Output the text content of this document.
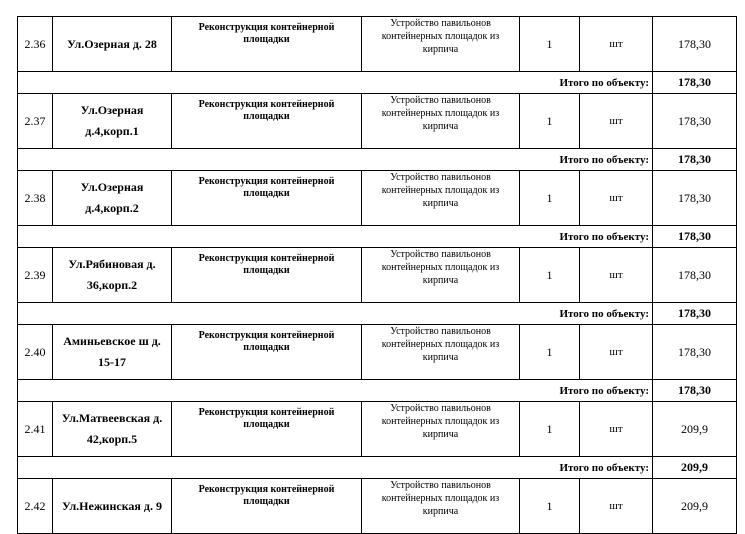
2.36	Ул.Озерная д. 28	Реконструкция контейнерной площадки	Устройство павильонов контейнерных площадок из кирпича	1	шт	178,30
Итого по объекту:						178,30
2.37	Ул.Озерная д.4,корп.1	Реконструкция контейнерной площадки	Устройство павильонов контейнерных площадок из кирпича	1	шт	178,30
Итого по объекту:						178,30
2.38	Ул.Озерная д.4,корп.2	Реконструкция контейнерной площадки	Устройство павильонов контейнерных площадок из кирпича	1	шт	178,30
Итого по объекту:						178,30
2.39	Ул.Рябиновая д. 36,корп.2	Реконструкция контейнерной площадки	Устройство павильонов контейнерных площадок из кирпича	1	шт	178,30
Итого по объекту:						178,30
2.40	Аминьевское ш д. 15-17	Реконструкция контейнерной площадки	Устройство павильонов контейнерных площадок из кирпича	1	шт	178,30
Итого по объекту:						178,30
2.41	Ул.Матвеевская д. 42,корп.5	Реконструкция контейнерной площадки	Устройство павильонов контейнерных площадок из кирпича	1	шт	209,9
Итого по объекту:						209,9
2.42	Ул.Нежинская д. 9	Реконструкция контейнерной площадки	Устройство павильонов контейнерных площадок из кирпича	1	шт	209,9
